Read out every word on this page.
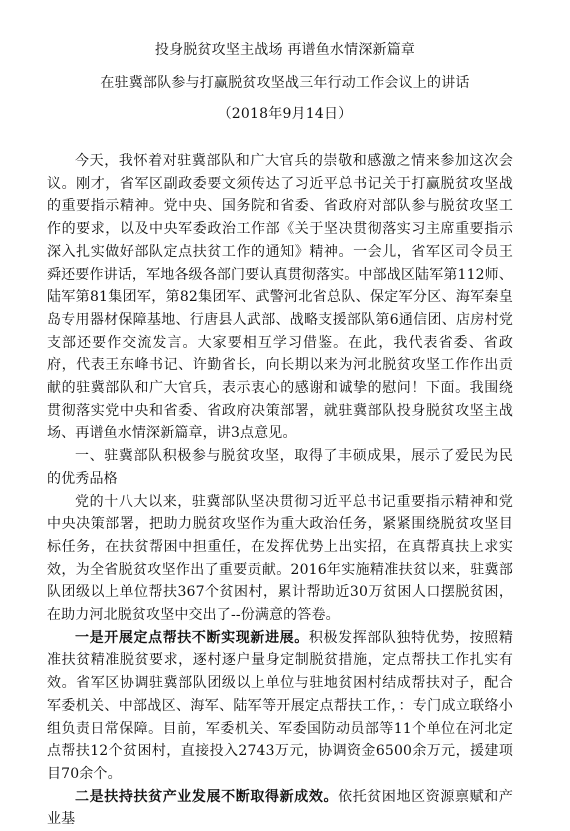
投身脱贫攻坚主战场 再谱鱼水情深新篇章
在驻冀部队参与打赢脱贫攻坚战三年行动工作会议上的讲话
（2018年9月14日）

今天，我怀着对驻冀部队和广大官兵的崇敬和感激之情来参加这次会议。刚才，省军区副政委要文须传达了习近平总书记关于打赢脱贫攻坚战的重要指示精神。党中央、国务院和省委、省政府对部队参与脱贫攻坚工作的要求，以及中央军委政治工作部《关于坚决贯彻落实习主席重要指示深入扎实做好部队定点扶贫工作的通知》精神。一会儿，省军区司令员王舜还要作讲话，军地各级各部门要认真贯彻落实。中部战区陆军第112师、陆军第81集团军，第82集团军、武警河北省总队、保定军分区、海军秦皇岛专用器材保障基地、行唐县人武部、战略支援部队第6通信团、店房村党支部还要作交流发言。大家要相互学习借鉴。在此，我代表省委、省政府，代表王东峰书记、许勤省长，向长期以来为河北脱贫攻坚工作作出贡献的驻冀部队和广大官兵，表示衷心的感谢和诚挚的慰问！下面。我围绕贯彻落实党中央和省委、省政府决策部署，就驻冀部队投身脱贫攻坚主战场、再谱鱼水情深新篇章，讲3点意见。

一、驻冀部队积极参与脱贫攻坚，取得了丰硕成果，展示了爱民为民的优秀品格

党的十八大以来，驻冀部队坚决贯彻习近平总书记重要指示精神和党中央决策部署，把助力脱贫攻坚作为重大政治任务，紧紧围绕脱贫攻坚目标任务，在扶贫帮困中担重任，在发挥优势上出实招，在真帮真扶上求实效，为全省脱贫攻坚作出了重要贡献。2016年实施精准扶贫以来，驻冀部队团级以上单位帮扶367个贫困村，累计帮助近30万贫困人口摆脱贫困，在助力河北脱贫攻坚中交出了--份满意的答卷。

一是开展定点帮扶不断实现新进展。积极发挥部队独特优势，按照精准扶贫精准脱贫要求，逐村逐户量身定制脱贫措施，定点帮扶工作扎实有效。省军区协调驻冀部队团级以上单位与驻地贫困村结成帮扶对子，配合军委机关、中部战区、海军、陆军等开展定点帮扶工作，：专门成立联络小组负责日常保障。目前，军委机关、军委国防动员部等11个单位在河北定点帮扶12个贫困村，直接投入2743万元，协调资金6500余万元，援建项目70余个。

二是扶持扶贫产业发展不断取得新成效。依托贫困地区资源禀赋和产业基
